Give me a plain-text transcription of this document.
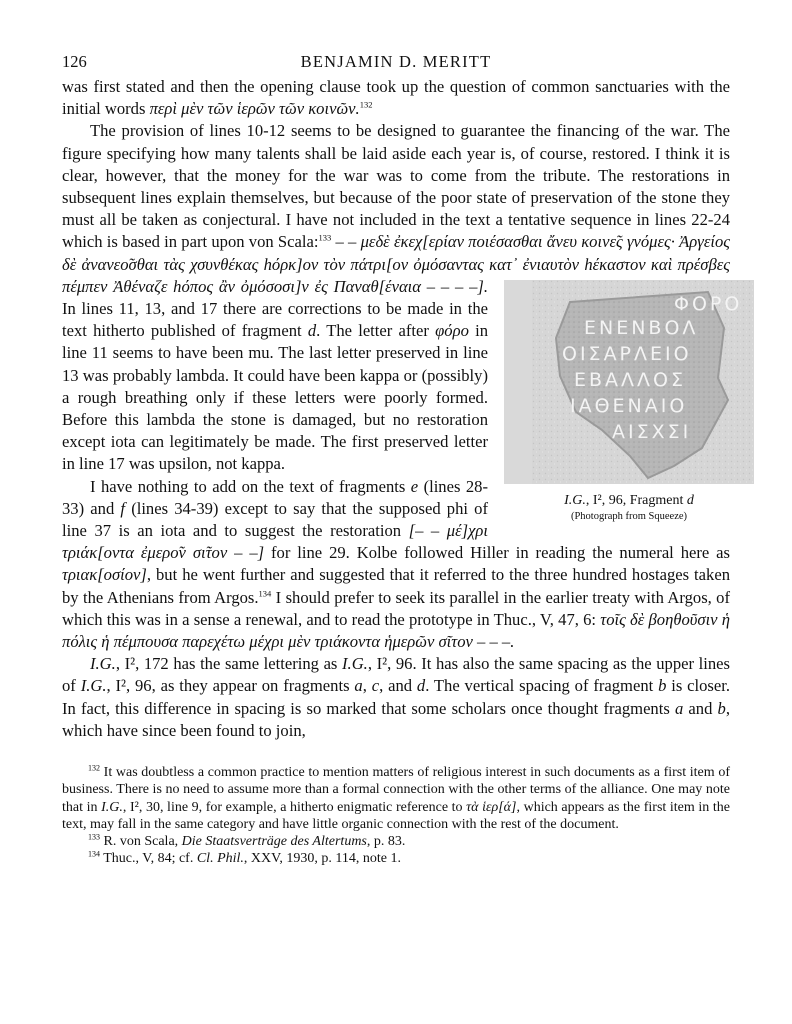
126	BENJAMIN D. MERITT

was first stated and then the opening clause took up the question of common sanctuaries with the initial words περὶ μὲν τῶν ἱερῶν τῶν κοινῶν.$^{132}$

The provision of lines 10-12 seems to be designed to guarantee the financing of the war. The figure specifying how many talents shall be laid aside each year is, of course, restored. I think it is clear, however, that the money for the war was to come from the tribute. The restorations in subsequent lines explain themselves, but because of the poor state of preservation of the stone they must all be taken as conjectural. I have not included in the text a tentative sequence in lines 22-24 which is based in part upon von Scala:$^{133}$ – – μεδὲ ἐκεχ[ερίαν ποιέσασθαι ἄνευ κοινε̃ς γνόμες· Ἀργείος δὲ ἀνανεο̃σθαι τὰς χσυνθέκας hόρκ]ον τὸν πάτρι[ον ὀμόσαντας κατ᾽ ἐνιαυτὸν hέκαστον καὶ πρέσβες πέμπεν Ἀθέναζε hόπος ἂν ὀμόσοσι]ν ἐς Παναθ[έναια – – – –].
ΦΟΡΟ
ΕΝΕΝΒΟΛ
ΟΙΣΑΡΛΕΙΟ
ΕΒΑΛΛΟΣ
ΙΑΘΕΝΑΙΟ
ΑΙΣΧΣΙ
I.G., I², 96, Fragment d
(Photograph from Squeeze)
In lines 11, 13, and 17 there are corrections to be made in the text hitherto published of fragment d. The letter after φόρο in line 11 seems to have been mu. The last letter preserved in line 13 was probably lambda. It could have been kappa or (possibly) a rough breathing only if these letters were poorly formed. Before this lambda the stone is damaged, but no restoration except iota can legitimately be made. The first preserved letter in line 17 was upsilon, not kappa.

I have nothing to add on the text of fragments e (lines 28-33) and f (lines 34-39) except to say that the supposed phi of line 37 is an iota and to suggest the restoration [– – μέ]χρι τριάκ[οντα ἐμερο̃ν σι̃τον – –] for line 29. Kolbe followed Hiller in reading the numeral here as τριακ[οσίον], but he went further and suggested that it referred to the three hundred hostages taken by the Athenians from Argos.$^{134}$ I should prefer to seek its parallel in the earlier treaty with Argos, of which this was in a sense a renewal, and to read the prototype in Thuc., V, 47, 6: τοῖς δὲ βοηθοῦσιν ἡ πόλις ἡ πέμπουσα παρεχέτω μέχρι μὲν τριάκοντα ἡμερῶν σῖτον – – –.

I.G., I², 172 has the same lettering as I.G., I², 96. It has also the same spacing as the upper lines of I.G., I², 96, as they appear on fragments a, c, and d. The vertical spacing of fragment b is closer. In fact, this difference in spacing is so marked that some scholars once thought fragments a and b, which have since been found to join,

$^{132}$ It was doubtless a common practice to mention matters of religious interest in such documents as a first item of business. There is no need to assume more than a formal connection with the other terms of the alliance. One may note that in I.G., I², 30, line 9, for example, a hitherto enigmatic reference to τὰ ἱερ[ά], which appears as the first item in the text, may fall in the same category and have little organic connection with the rest of the document.

$^{133}$ R. von Scala, Die Staatsverträge des Altertums, p. 83.

$^{134}$ Thuc., V, 84; cf. Cl. Phil., XXV, 1930, p. 114, note 1.
